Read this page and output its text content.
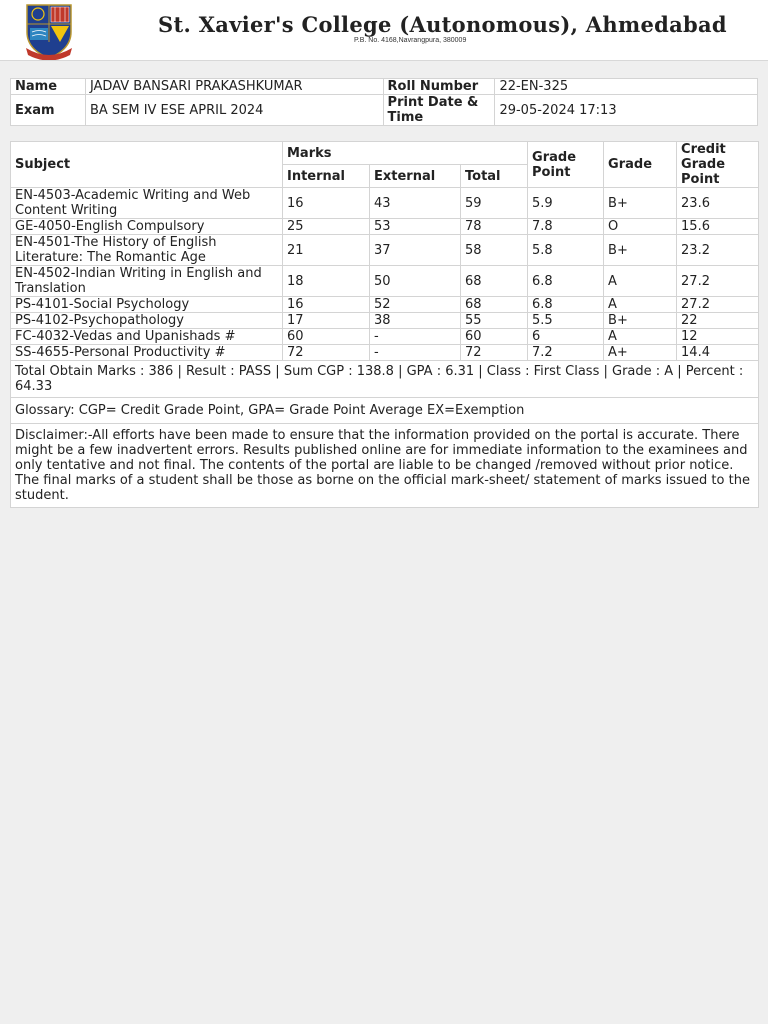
St. Xavier's College (Autonomous), Ahmedabad
P.B. No. 4168,Navrangpura, 380009
Name	JADAV BANSARI PRAKASHKUMAR	Roll Number	22-EN-325
Exam	BA SEM IV ESE APRIL 2024	Print Date & Time	29-05-2024 17:13
Subject	Marks			Grade Point	Grade	Credit Grade Point
	Internal	External	Total			
EN-4503-Academic Writing and Web Content Writing	16	43	59	5.9	B+	23.6
GE-4050-English Compulsory	25	53	78	7.8	O	15.6
EN-4501-The History of English Literature: The Romantic Age	21	37	58	5.8	B+	23.2
EN-4502-Indian Writing in English and Translation	18	50	68	6.8	A	27.2
PS-4101-Social Psychology	16	52	68	6.8	A	27.2
PS-4102-Psychopathology	17	38	55	5.5	B+	22
FC-4032-Vedas and Upanishads #	60	-	60	6	A	12
SS-4655-Personal Productivity #	72	-	72	7.2	A+	14.4
Total Obtain Marks : 386 | Result : PASS | Sum CGP : 138.8 | GPA : 6.31 | Class : First Class | Grade : A | Percent : 64.33						
Glossary: CGP= Credit Grade Point, GPA= Grade Point Average EX=Exemption						
Disclaimer:-All efforts have been made to ensure that the information provided on the portal is accurate. There might be a few inadvertent errors. Results published online are for immediate information to the examinees and only tentative and not final. The contents of the portal are liable to be changed /removed without prior notice. The final marks of a student shall be those as borne on the official mark-sheet/ statement of marks issued to the student.						
